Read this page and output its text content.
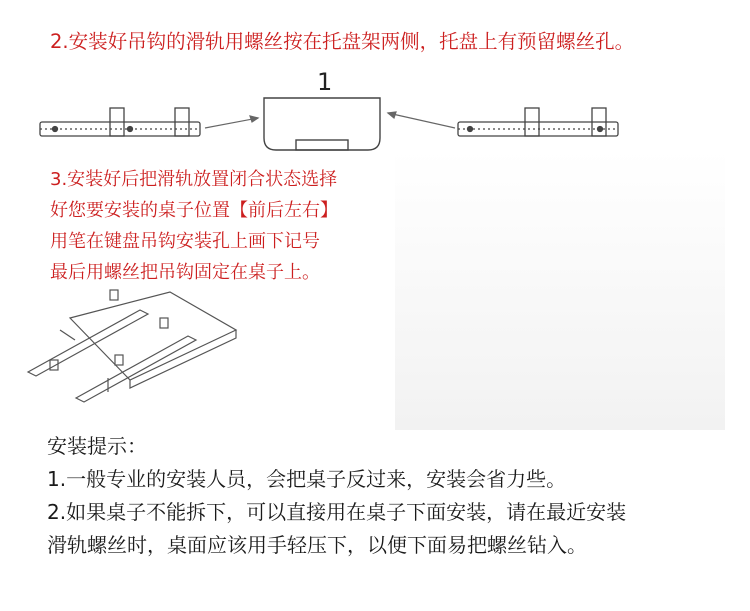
2.安装好吊钩的滑轨用螺丝按在托盘架两侧，托盘上有预留螺丝孔。
1
3.安装好后把滑轨放置闭合状态选择
好您要安装的桌子位置【前后左右】
用笔在键盘吊钩安装孔上画下记号
最后用螺丝把吊钩固定在桌子上。
安装提示：
1.一般专业的安装人员，会把桌子反过来，安装会省力些。
2.如果桌子不能拆下，可以直接用在桌子下面安装，请在最近安装
滑轨螺丝时，桌面应该用手轻压下，以便下面易把螺丝钻入。
